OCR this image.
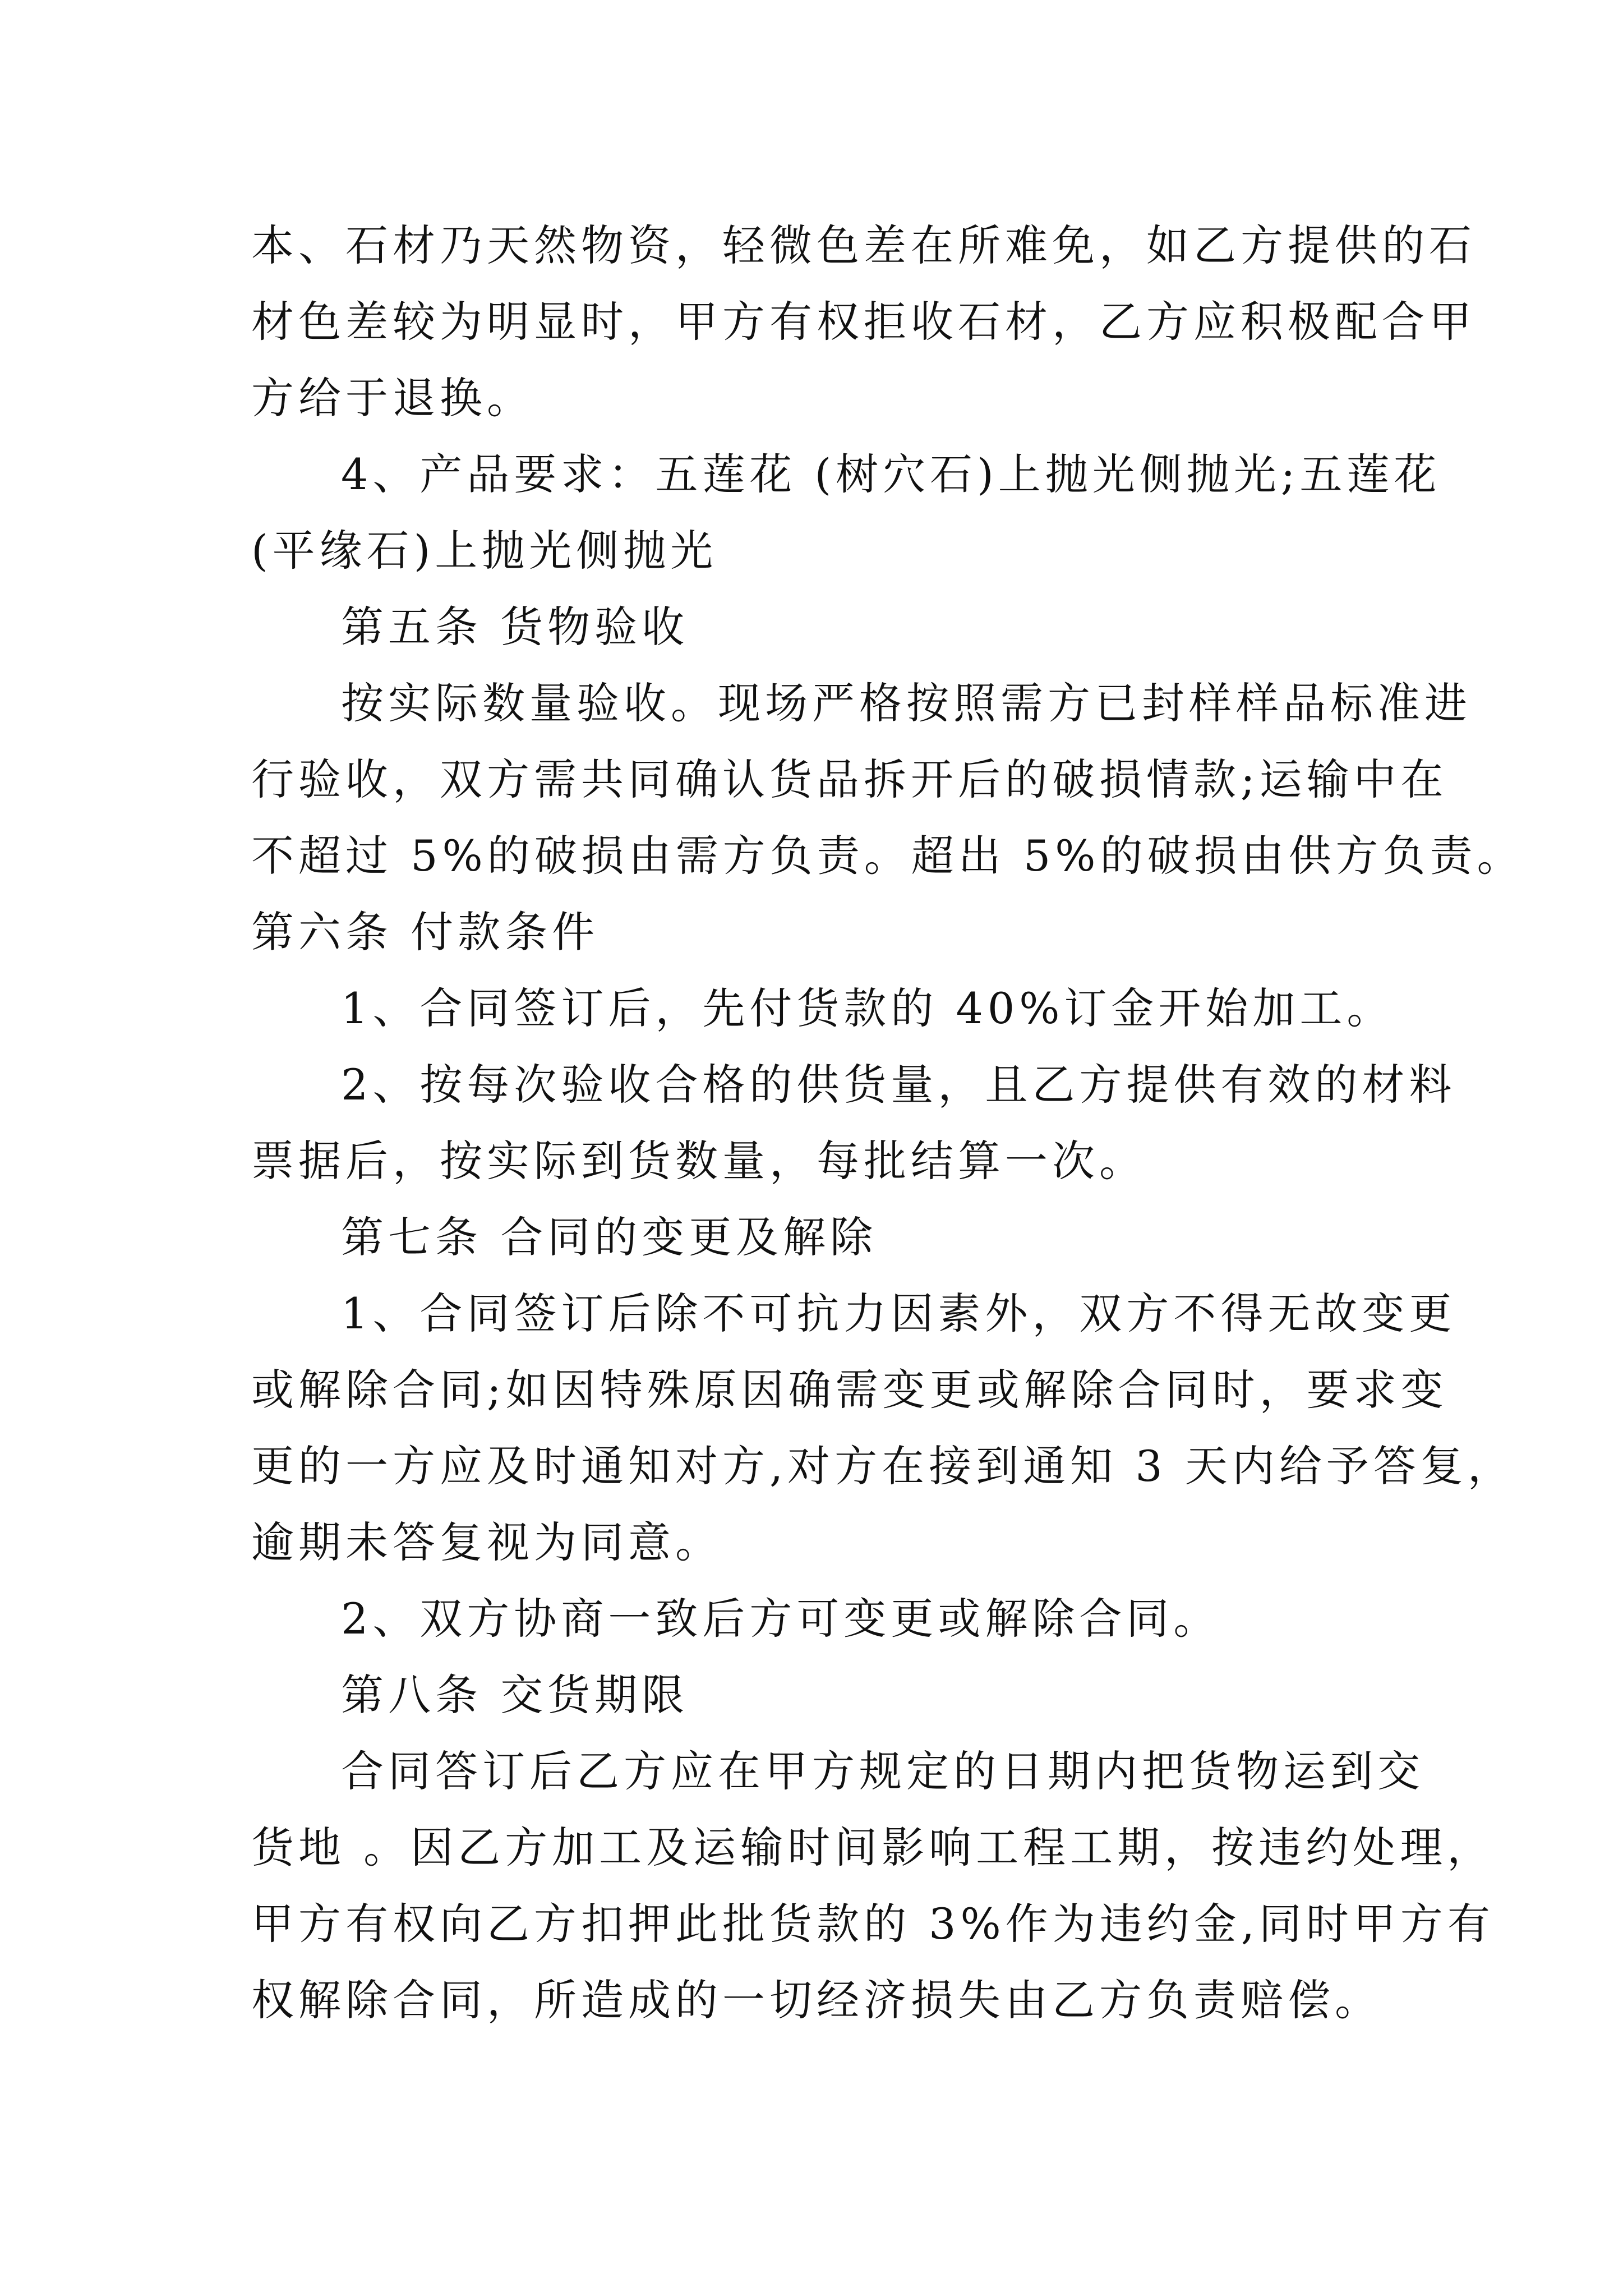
本、石材乃天然物资，轻微色差在所难免，如乙方提供的石
材色差较为明显时，甲方有权拒收石材，乙方应积极配合甲
方给于退换。
4、产品要求：五莲花 (树穴石)上抛光侧抛光;五莲花
(平缘石)上抛光侧抛光
第五条 货物验收
按实际数量验收。现场严格按照需方已封样样品标准进
行验收，双方需共同确认货品拆开后的破损情款;运输中在
不超过 5%的破损由需方负责。超出 5%的破损由供方负责。
第六条 付款条件
1、合同签订后，先付货款的 40%订金开始加工。
2、按每次验收合格的供货量，且乙方提供有效的材料
票据后，按实际到货数量，每批结算一次。
第七条 合同的变更及解除
1、合同签订后除不可抗力因素外，双方不得无故变更
或解除合同;如因特殊原因确需变更或解除合同时，要求变
更的一方应及时通知对方,对方在接到通知 3 天内给予答复，
逾期未答复视为同意。
2、双方协商一致后方可变更或解除合同。
第八条 交货期限
合同答订后乙方应在甲方规定的日期内把货物运到交
货地 。因乙方加工及运输时间影响工程工期，按违约处理，
甲方有权向乙方扣押此批货款的 3%作为违约金,同时甲方有
权解除合同，所造成的一切经济损失由乙方负责赔偿。
